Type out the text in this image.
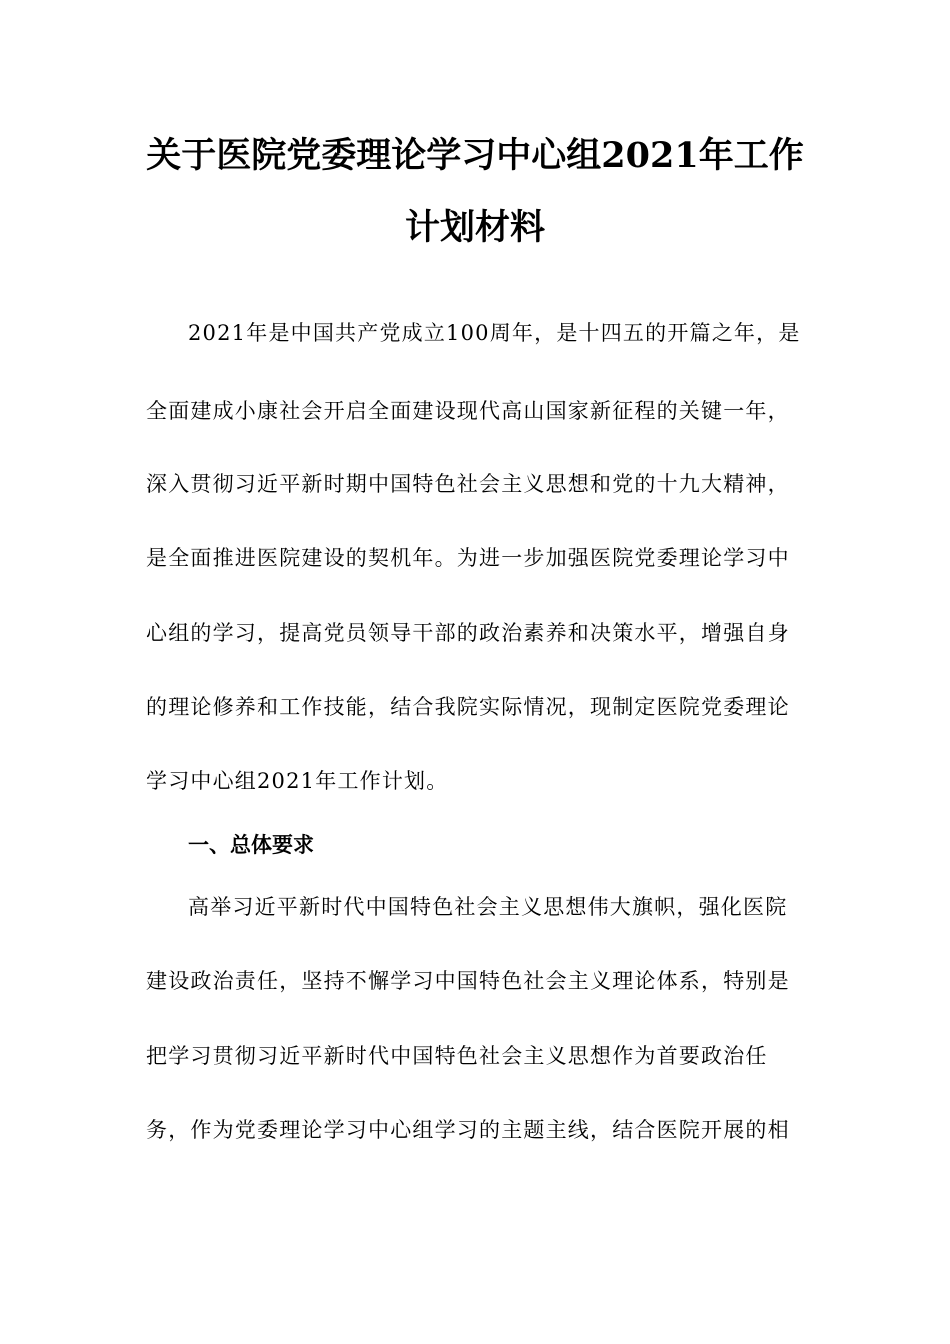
关于医院党委理论学习中心组2021年工作
计划材料
2021年是中国共产党成立100周年，是十四五的开篇之年，是
全面建成小康社会开启全面建设现代高山国家新征程的关键一年，
深入贯彻习近平新时期中国特色社会主义思想和党的十九大精神，
是全面推进医院建设的契机年。为进一步加强医院党委理论学习中
心组的学习，提高党员领导干部的政治素养和决策水平，增强自身
的理论修养和工作技能，结合我院实际情况，现制定医院党委理论
学习中心组2021年工作计划。
一、总体要求
高举习近平新时代中国特色社会主义思想伟大旗帜，强化医院
建设政治责任，坚持不懈学习中国特色社会主义理论体系，特别是
把学习贯彻习近平新时代中国特色社会主义思想作为首要政治任
务，作为党委理论学习中心组学习的主题主线，结合医院开展的相
